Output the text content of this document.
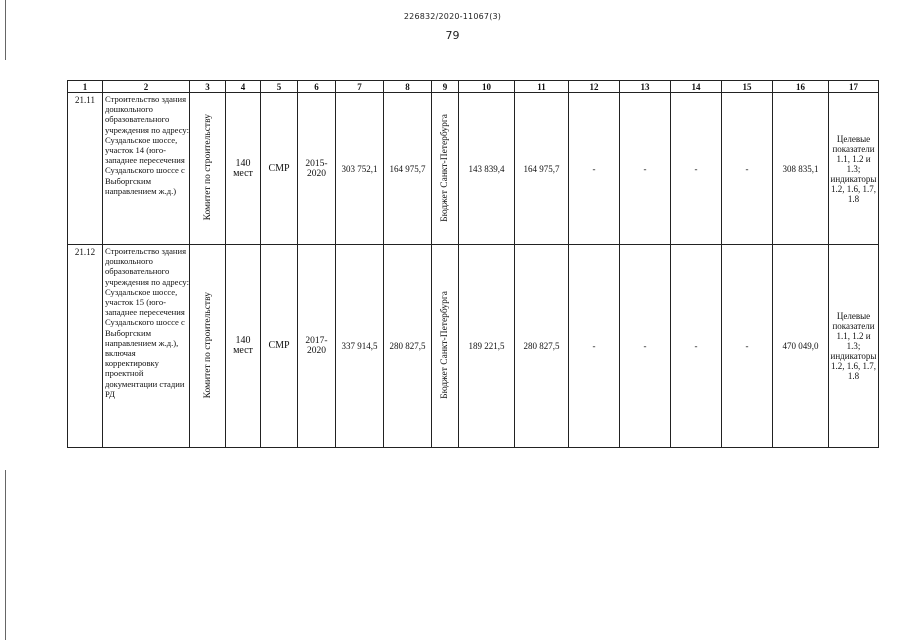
226832/2020-11067(3)
79
1	2	3	4	5	6	7	8	9	10	11	12	13	14	15	16	17
21.11	Строительство здания дошкольного образовательного учреждения по адресу: Суздальское шоссе, участок 14 (юго-западнее пересечения Суздальского шоссе с Выборгским направлением ж.д.)	Комитет по строительству	140 мест	СМР	2015-2020	303 752,1	164 975,7	Бюджет Санкт-Петербурга	143 839,4	164 975,7	-	-	-	-	308 835,1	Целевые показатели 1.1, 1.2 и 1.3; индикаторы 1.2, 1.6, 1.7, 1.8
21.12	Строительство здания дошкольного образовательного учреждения по адресу: Суздальское шоссе, участок 15 (юго-западнее пересечения Суздальского шоссе с Выборгским направлением ж.д.), включая корректировку проектной документации стадии РД	Комитет по строительству	140 мест	СМР	2017-2020	337 914,5	280 827,5	Бюджет Санкт-Петербурга	189 221,5	280 827,5	-	-	-	-	470 049,0	Целевые показатели 1.1, 1.2 и 1.3; индикаторы 1.2, 1.6, 1.7, 1.8
